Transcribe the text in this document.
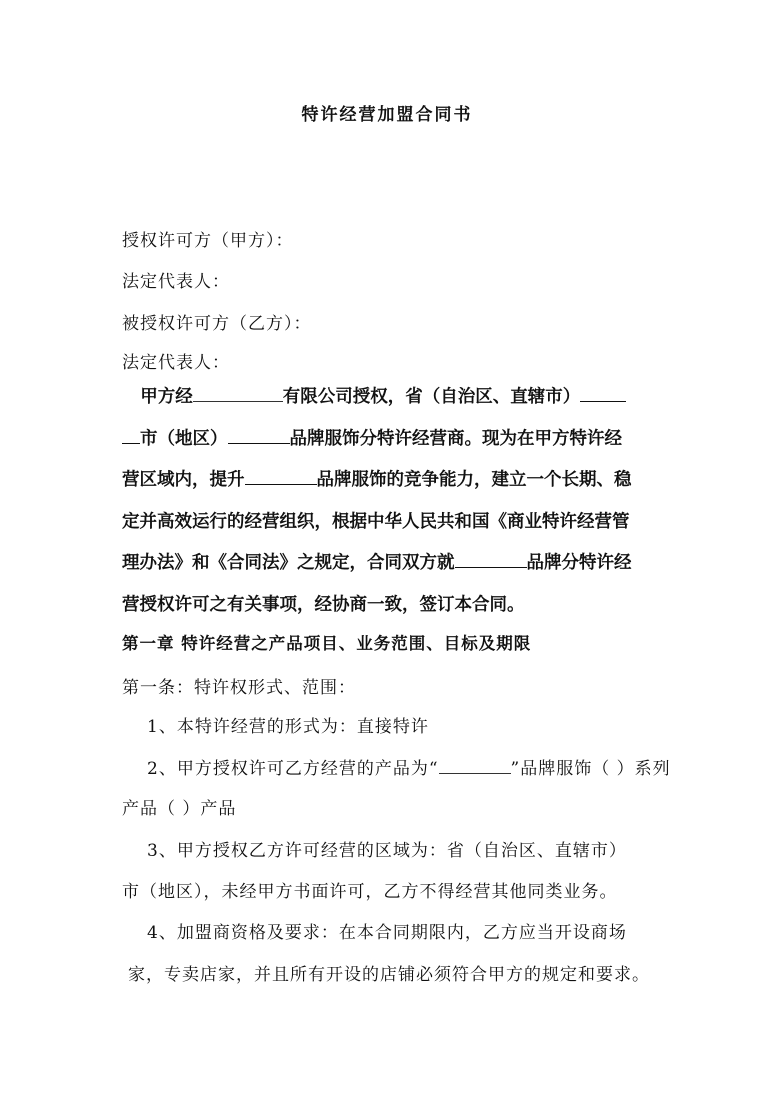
特许经营加盟合同书
授权许可方（甲方）：
法定代表人：
被授权许可方（乙方）：
法定代表人：
甲方经	有限公司授权，省（自治区、直辖市）
市（地区）	品牌服饰分特许经营商。现为在甲方特许经
营区域内，提升	品牌服饰的竞争能力，建立一个长期、稳
定并高效运行的经营组织，根据中华人民共和国《商业特许经营管
理办法》和《合同法》之规定，合同双方就	品牌分特许经
营授权许可之有关事项，经协商一致，签订本合同。
第一章 特许经营之产品项目、业务范围、目标及期限
第一条：特许权形式、范围：
1、本特许经营的形式为：直接特许
2、甲方授权许可乙方经营的产品为“	”品牌服饰（ ）系列
产品（ ）产品
3、甲方授权乙方许可经营的区域为：省（自治区、直辖市）
市（地区），未经甲方书面许可，乙方不得经营其他同类业务。
4、加盟商资格及要求：在本合同期限内，乙方应当开设商场
家，专卖店家，并且所有开设的店铺必须符合甲方的规定和要求。
